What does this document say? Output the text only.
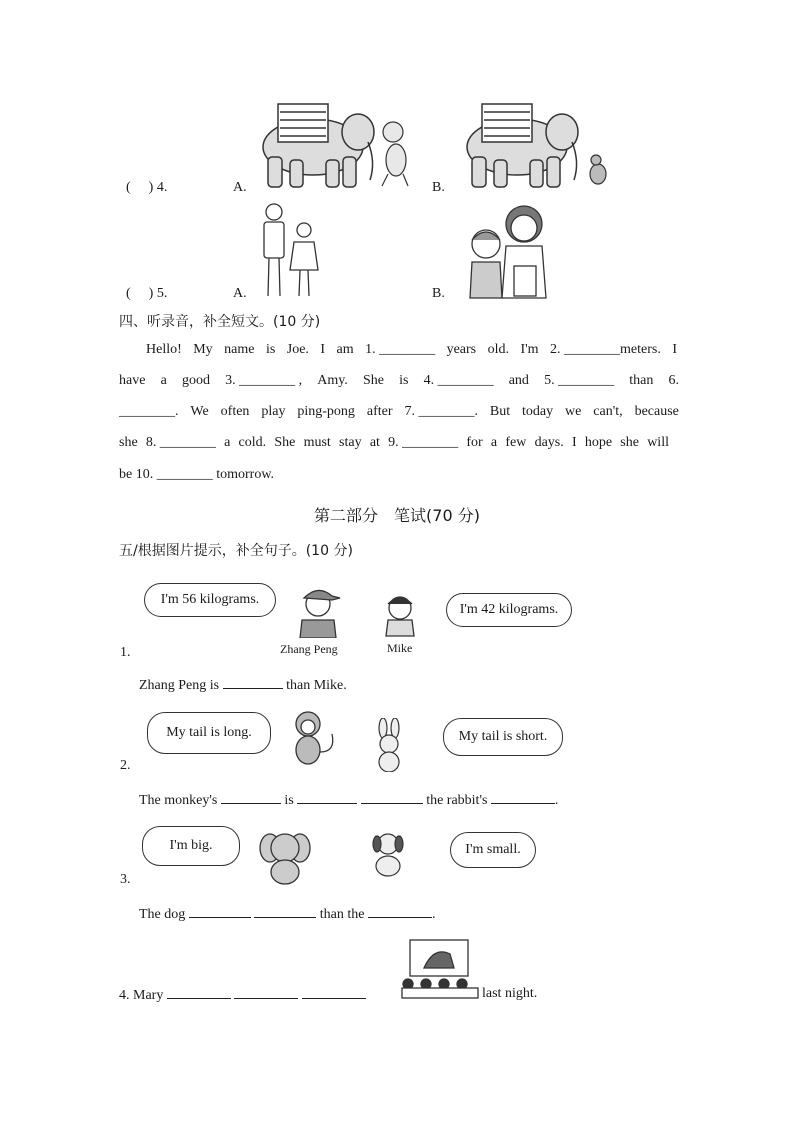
( ) 4.	A.	B.
( ) 5.	A.	B.
四、听录音，补全短文。(10 分)
Hello! My name is Joe. I am 1. ________ years old. I'm 2. ________meters. I
have a good 3. ________ , Amy. She is 4. ________ and 5. ________ than 6.
________. We often play ping-pong after 7. ________. But today we can't, because
she 8. ________ a cold. She must stay at 9. ________ for a few days. I hope she will
be 10. ________ tomorrow.
第二部分　笔试(70 分)
五/根据图片提示，补全句子。(10 分)
I'm 56 kilograms.
I'm 42 kilograms.
Zhang Peng	Mike
1.
Zhang Peng is	than Mike.
My tail is long.	My tail is short.
2.
The monkey's	is	the rabbit's	.
I'm big.	I'm small.
3.
The dog	than the	.
4. Mary	last night.
